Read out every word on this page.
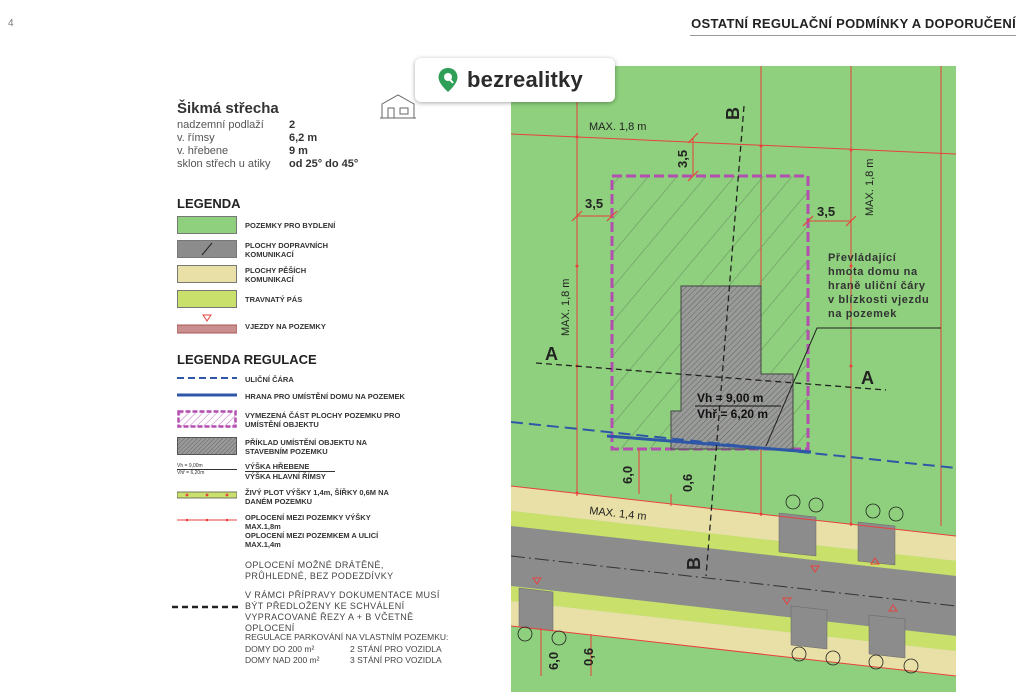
4	OSTATNÍ REGULAČNÍ PODMÍNKY A DOPORUČENÍ
Šikmá střecha
nadzemní podlaží	2
v. římsy	6,2 m
v. hřebene	9 m
sklon střech u atiky	od 25° do 45°
LEGENDA
POZEMKY PRO BYDLENÍ
PLOCHY DOPRAVNÍCH KOMUNIKACÍ
PLOCHY PĚŠÍCH KOMUNIKACÍ
TRAVNATÝ PÁS
VJEZDY NA POZEMKY
LEGENDA REGULACE
ULIČNÍ ČÁRA
HRANA PRO UMÍSTĚNÍ DOMU NA POZEMEK
VYMEZENÁ ČÁST PLOCHY POZEMKU PRO UMÍSTĚNÍ OBJEKTU
PŘÍKLAD UMÍSTĚNÍ OBJEKTU NA STAVEBNÍM POZEMKU
Vh = 9,00m
Vhř = 6,20m
VÝŠKA HŘEBENE
VÝŠKA HLAVNÍ ŘÍMSY
ŽIVÝ PLOT VÝŠKY 1,4m, ŠÍŘKY 0,6M NA DANÉM POZEMKU
OPLOCENÍ MEZI POZEMKY VÝŠKY MAX.1,8m
OPLOCENÍ MEZI POZEMKEM A ULICÍ MAX.1,4m
OPLOCENÍ MOŽNÉ DRÁTĚNÉ, PRŮHLEDNÉ, BEZ PODEZDÍVKY
V RÁMCI PŘÍPRAVY DOKUMENTACE MUSÍ BÝT PŘEDLOŽENY KE SCHVÁLENÍ VYPRACOVANÉ ŘEZY A + B VČETNĚ OPLOCENÍ
REGULACE PARKOVÁNÍ NA VLASTNÍM POZEMKU:
DOMY DO 200 m²	2 STÁNÍ PRO VOZIDLA
DOMY NAD 200 m²	3 STÁNÍ PRO VOZIDLA
MAX. 1,8 m
MAX. 1,8 m
MAX. 1,8 m
MAX. 1,4 m
3,5
3,5
3,5
6,0	0,6
6,0 0,6
A
A
B
B
Vh = 9,00 m
Vhř = 6,20 m
Převládající
hmota domu na
hraně uliční čáry
v blízkosti vjezdu
na pozemek
bezrealitky
